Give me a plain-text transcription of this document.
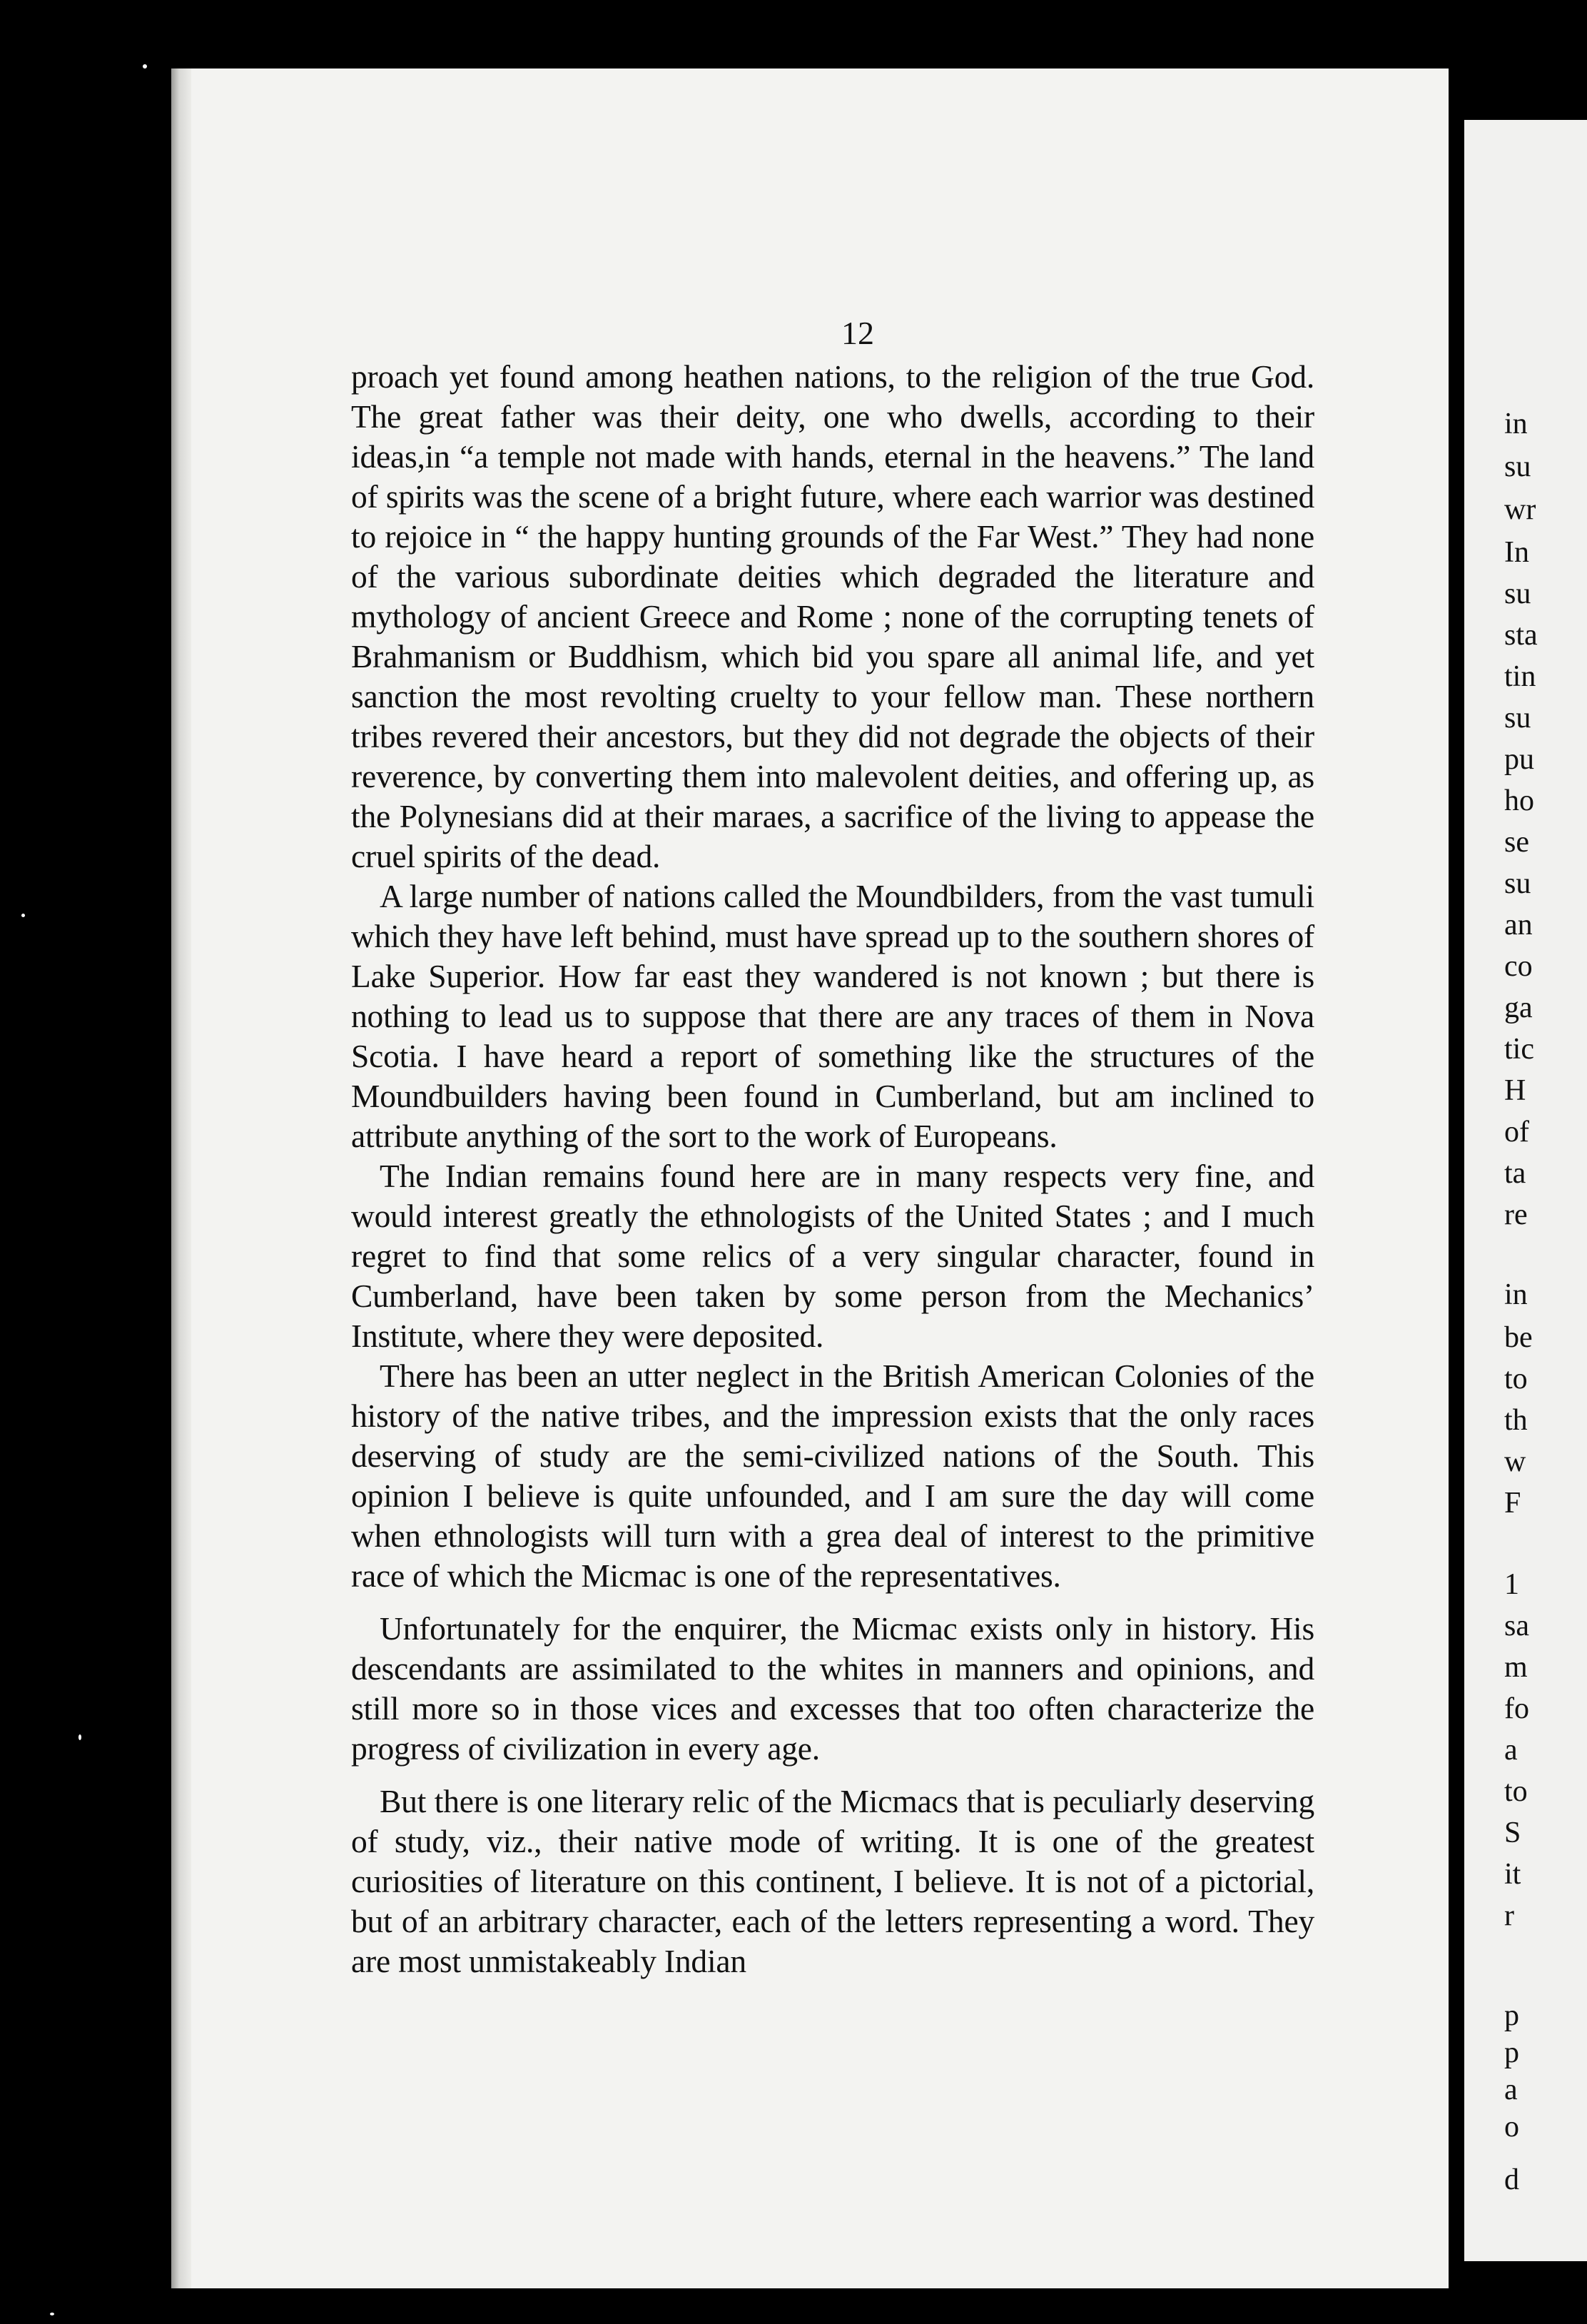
12

proach yet found among heathen nations, to the religion of the true God. The great father was their deity, one who dwells, according to their ideas,in “a temple not made with hands, eternal in the heavens.” The land of spirits was the scene of a bright future, where each warrior was destined to rejoice in “ the happy hunting grounds of the Far West.” They had none of the various subordinate deities which degraded the literature and mythology of ancient Greece and Rome ; none of the corrupting tenets of Brahmanism or Buddhism, which bid you spare all animal life, and yet sanction the most revolting cruelty to your fellow man. These northern tribes revered their ancestors, but they did not degrade the objects of their reverence, by converting them into malevolent deities, and offering up, as the Polynesians did at their maraes, a sacrifice of the living to appease the cruel spirits of the dead.

A large number of nations called the Moundbilders, from the vast tumuli which they have left behind, must have spread up to the southern shores of Lake Superior. How far east they wandered is not known ; but there is nothing to lead us to suppose that there are any traces of them in Nova Scotia. I have heard a report of something like the structures of the Moundbuilders having been found in Cumberland, but am inclined to attribute anything of the sort to the work of Europeans.

The Indian remains found here are in many respects very fine, and would interest greatly the ethnologists of the United States ; and I much regret to find that some relics of a very singular character, found in Cumberland, have been taken by some person from the Mechanics’ Institute, where they were deposited.

There has been an utter neglect in the British American Colonies of the history of the native tribes, and the impression exists that the only races deserving of study are the semi-civilized nations of the South. This opinion I believe is quite unfounded, and I am sure the day will come when ethnologists will turn with a grea deal of interest to the primitive race of which the Micmac is one of the representatives.

Unfortunately for the enquirer, the Micmac exists only in history. His descendants are assimilated to the whites in manners and opinions, and still more so in those vices and excesses that too often characterize the progress of civilization in every age.

But there is one literary relic of the Micmacs that is peculiarly deserving of study, viz., their native mode of writing. It is one of the greatest curiosities of literature on this continent, I believe. It is not of a pictorial, but of an arbitrary character, each of the letters representing a word. They are most unmistakeably Indian

in
su
wr
In
su
sta
tin
su
pu
ho
se
su
an
co
ga
tic
H
of
ta
re
in
be
to
th
w
F
1
sa
m
fo
a
to
S
it
r
p
p
a
o
d
